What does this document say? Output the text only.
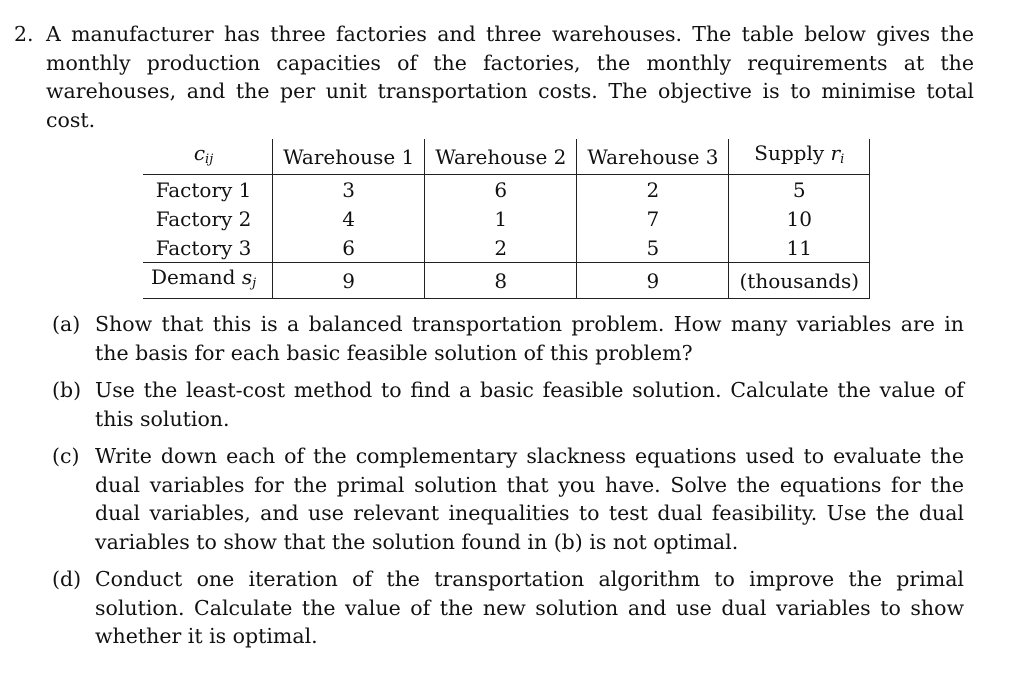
2. A manufacturer has three factories and three warehouses. The table below gives the monthly production capacities of the factories, the monthly requirements at the warehouses, and the per unit transportation costs. The objective is to minimise total cost.
$c_{ij}$	Warehouse 1	Warehouse 2	Warehouse 3	Supply $r_i$
Factory 1	3	6	2	5
Factory 2	4	1	7	10
Factory 3	6	2	5	11
Demand $s_j$	9	8	9	(thousands)
(a) Show that this is a balanced transportation problem. How many variables are in the basis for each basic feasible solution of this problem?
(b) Use the least-cost method to find a basic feasible solution. Calculate the value of this solution.
(c) Write down each of the complementary slackness equations used to evaluate the dual variables for the primal solution that you have. Solve the equations for the dual variables, and use relevant inequalities to test dual feasibility. Use the dual variables to show that the solution found in (b) is not optimal.
(d) Conduct one iteration of the transportation algorithm to improve the primal solution. Calculate the value of the new solution and use dual variables to show whether it is optimal.
